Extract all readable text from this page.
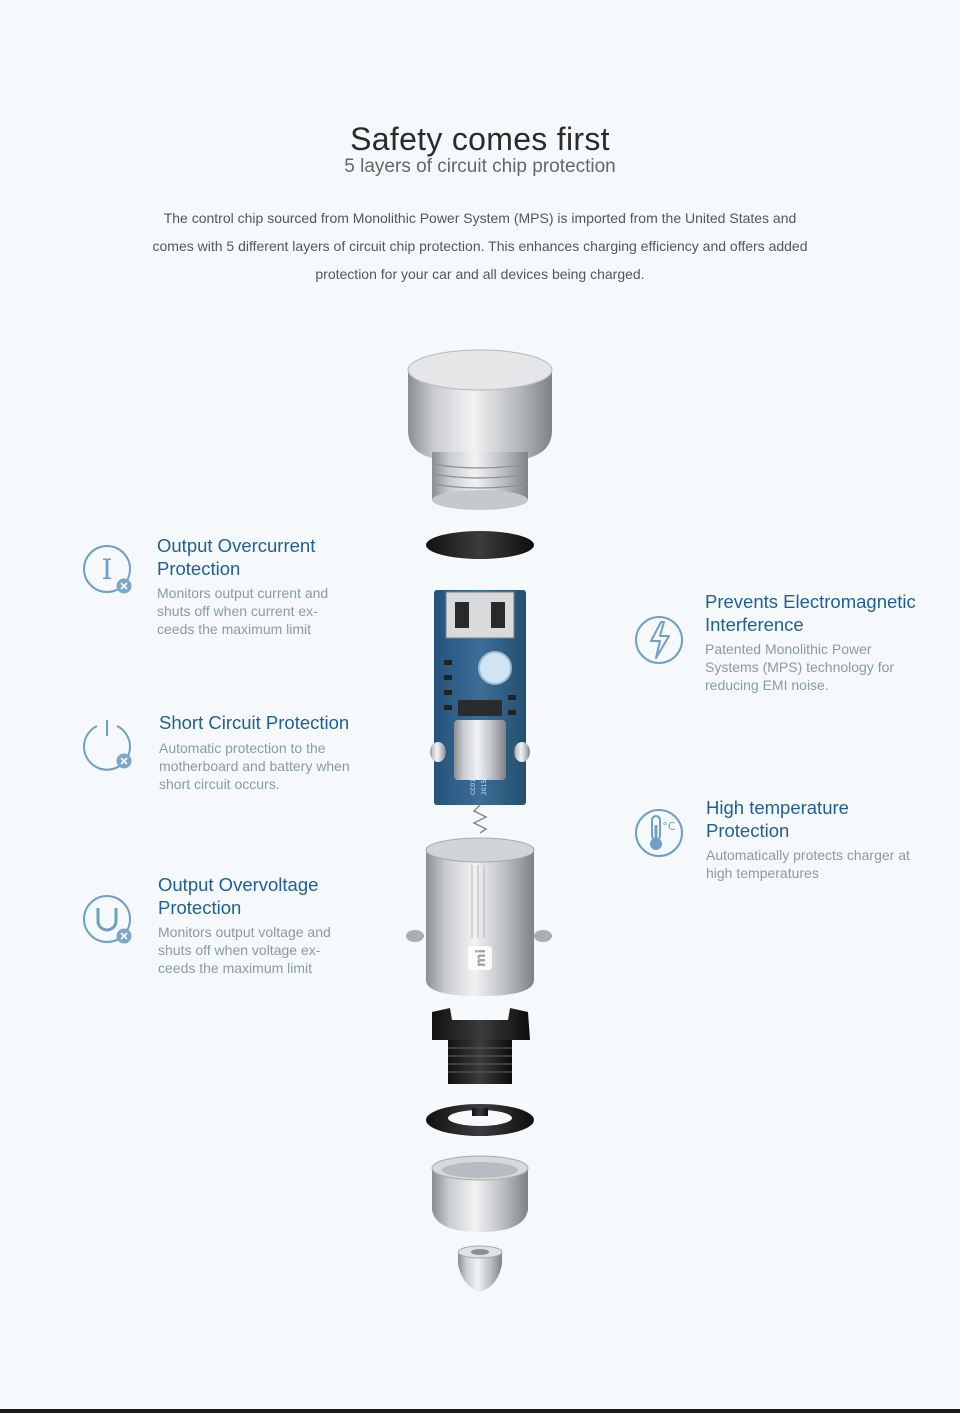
Safety comes first
5 layers of circuit chip protection
The control chip sourced from Monolithic Power System (MPS) is imported from the United States and comes with 5 different layers of circuit chip protection. This enhances charging efficiency and offers added protection for your car and all devices being charged.
I
Output Overcurrent Protection

Monitors output current and shuts off when current ex- ceeds the maximum limit

Short Circuit Protection

Automatic protection to the motherboard and battery when short circuit occurs.

Output Overvoltage Protection

Monitors output voltage and shuts off when voltage ex- ceeds the maximum limit

Prevents Electromagnetic Interference

Patented Monolithic Power Systems (MPS) technology for reducing EMI noise.

°C
High temperature Protection

Automatically protects charger at high temperatures

CC01-M8-4A 20150723
mi
